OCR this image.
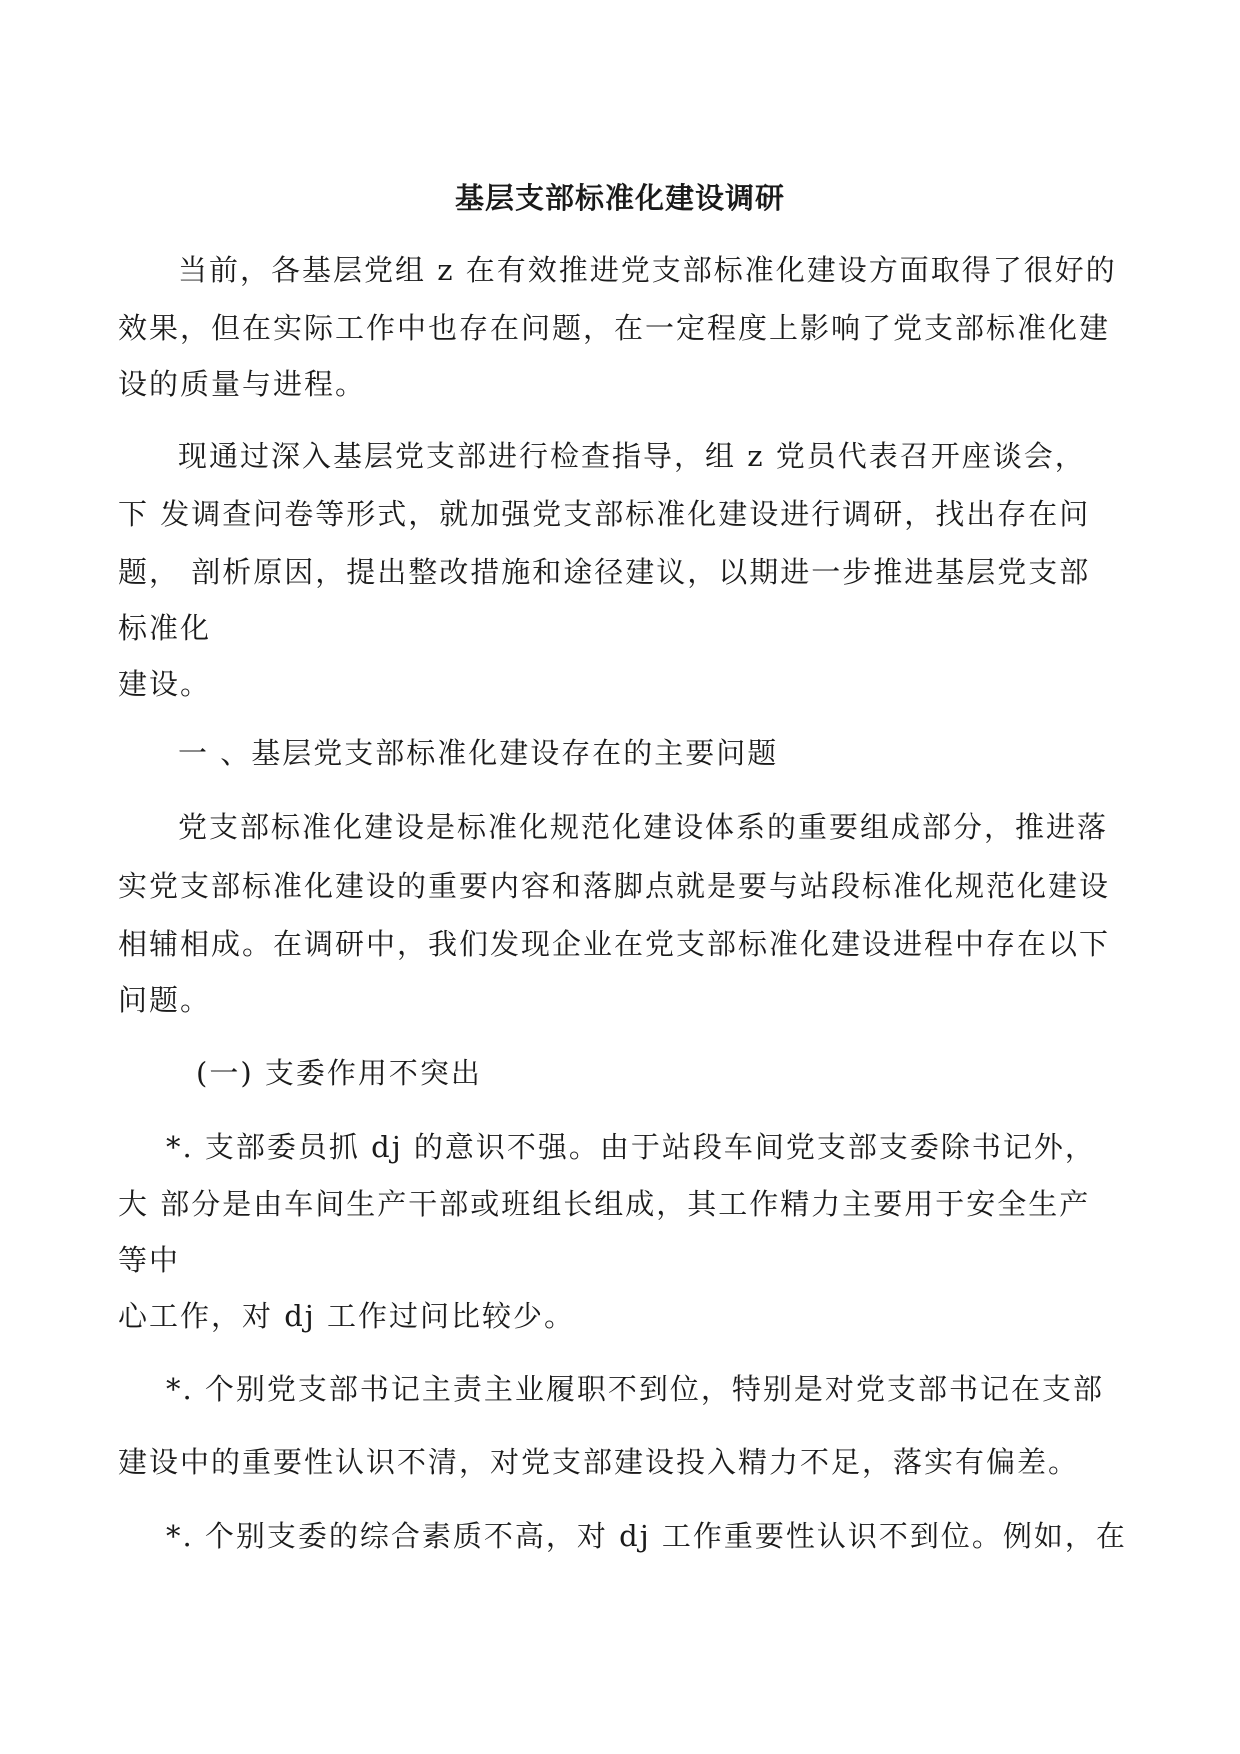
基层支部标准化建设调研
当前，各基层党组 z 在有效推进党支部标准化建设方面取得了很好的
效果，但在实际工作中也存在问题，在一定程度上影响了党支部标准化建
设的质量与进程。
现通过深入基层党支部进行检查指导，组 z 党员代表召开座谈会，
下 发调查问卷等形式，就加强党支部标准化建设进行调研，找出存在问
题， 剖析原因，提出整改措施和途径建议，以期进一步推进基层党支部
标准化
建设。
一 、基层党支部标准化建设存在的主要问题
党支部标准化建设是标准化规范化建设体系的重要组成部分，推进落
实党支部标准化建设的重要内容和落脚点就是要与站段标准化规范化建设
相辅相成。在调研中，我们发现企业在党支部标准化建设进程中存在以下
问题。
(一) 支委作用不突出
*. 支部委员抓 dj 的意识不强。由于站段车间党支部支委除书记外，
大 部分是由车间生产干部或班组长组成，其工作精力主要用于安全生产
等中
心工作，对 dj 工作过问比较少。
*. 个别党支部书记主责主业履职不到位，特别是对党支部书记在支部
建设中的重要性认识不清，对党支部建设投入精力不足，落实有偏差。
*. 个别支委的综合素质不高，对 dj 工作重要性认识不到位。例如，在
